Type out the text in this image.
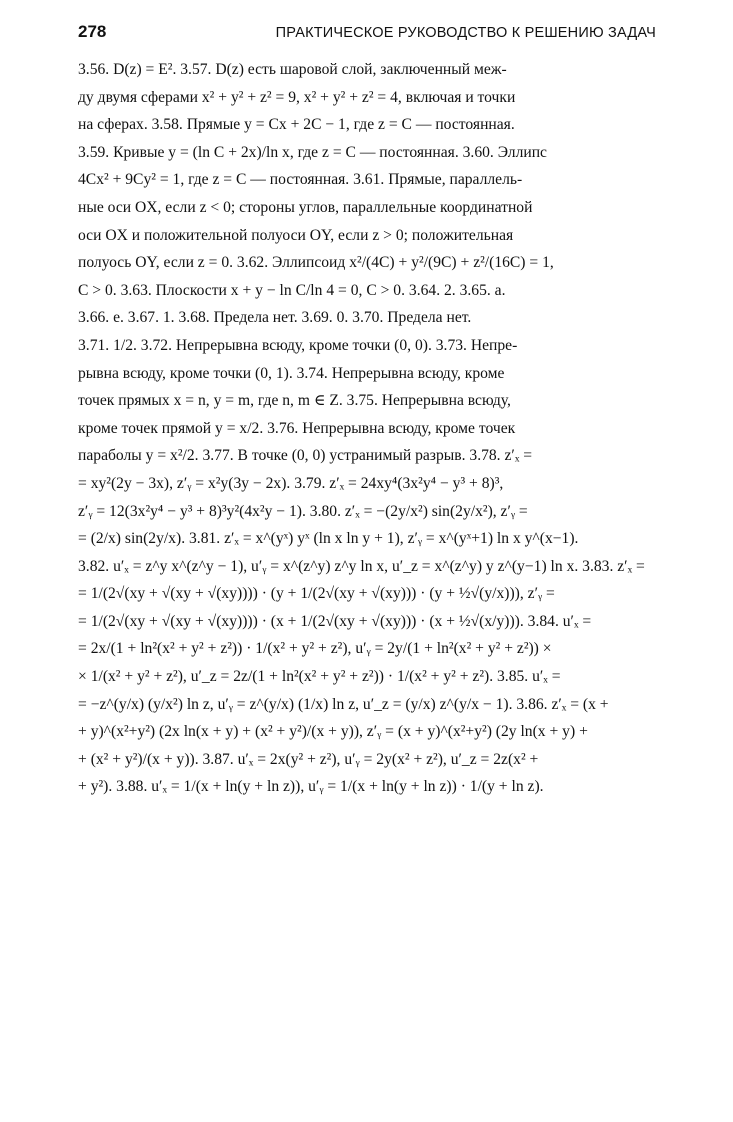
278	ПРАКТИЧЕСКОЕ РУКОВОДСТВО К РЕШЕНИЮ ЗАДАЧ

3.56. D(z) = E². 3.57. D(z) есть шаровой слой, заключенный меж-

ду двумя сферами x² + y² + z² = 9, x² + y² + z² = 4, включая и точки

на сферах. 3.58. Прямые y = Cx + 2C − 1, где z = C — постоянная.

3.59. Кривые y = (ln C + 2x)/ln x, где z = C — постоянная. 3.60. Эллипс

4Cx² + 9Cy² = 1, где z = C — постоянная. 3.61. Прямые, параллель-

ные оси OX, если z < 0; стороны углов, параллельные координатной

оси OX и положительной полуоси OY, если z > 0; положительная

полуось OY, если z = 0. 3.62. Эллипсоид x²/(4C) + y²/(9C) + z²/(16C) = 1,

C > 0. 3.63. Плоскости x + y − ln C/ln 4 = 0, C > 0. 3.64. 2. 3.65. a.

3.66. e. 3.67. 1. 3.68. Предела нет. 3.69. 0. 3.70. Предела нет.

3.71. 1/2. 3.72. Непрерывна всюду, кроме точки (0, 0). 3.73. Непре-

рывна всюду, кроме точки (0, 1). 3.74. Непрерывна всюду, кроме

точек прямых x = n, y = m, где n, m ∈ Z. 3.75. Непрерывна всюду,

кроме точек прямой y = x/2. 3.76. Непрерывна всюду, кроме точек

параболы y = x²/2. 3.77. В точке (0, 0) устранимый разрыв. 3.78. z′ₓ =

= xy²(2y − 3x), z′ᵧ = x²y(3y − 2x). 3.79. z′ₓ = 24xy⁴(3x²y⁴ − y³ + 8)³,

z′ᵧ = 12(3x²y⁴ − y³ + 8)³y²(4x²y − 1). 3.80. z′ₓ = −(2y/x²) sin(2y/x²), z′ᵧ =

= (2/x) sin(2y/x). 3.81. z′ₓ = x^(yˣ) yˣ (ln x ln y + 1), z′ᵧ = x^(yˣ+1) ln x y^(x−1).

3.82. u′ₓ = z^y x^(z^y − 1), u′ᵧ = x^(z^y) z^y ln x, u′_z = x^(z^y) y z^(y−1) ln x. 3.83. z′ₓ =

= 1/(2√(xy + √(xy + √(xy)))) · (y + 1/(2√(xy + √(xy))) · (y + ½√(y/x))), z′ᵧ =

= 1/(2√(xy + √(xy + √(xy)))) · (x + 1/(2√(xy + √(xy))) · (x + ½√(x/y))). 3.84. u′ₓ =

= 2x/(1 + ln²(x² + y² + z²)) · 1/(x² + y² + z²), u′ᵧ = 2y/(1 + ln²(x² + y² + z²)) ×

× 1/(x² + y² + z²), u′_z = 2z/(1 + ln²(x² + y² + z²)) · 1/(x² + y² + z²). 3.85. u′ₓ =

= −z^(y/x) (y/x²) ln z, u′ᵧ = z^(y/x) (1/x) ln z, u′_z = (y/x) z^(y/x − 1). 3.86. z′ₓ = (x +

+ y)^(x²+y²) (2x ln(x + y) + (x² + y²)/(x + y)), z′ᵧ = (x + y)^(x²+y²) (2y ln(x + y) +

+ (x² + y²)/(x + y)). 3.87. u′ₓ = 2x(y² + z²), u′ᵧ = 2y(x² + z²), u′_z = 2z(x² +

+ y²). 3.88. u′ₓ = 1/(x + ln(y + ln z)), u′ᵧ = 1/(x + ln(y + ln z)) · 1/(y + ln z).
